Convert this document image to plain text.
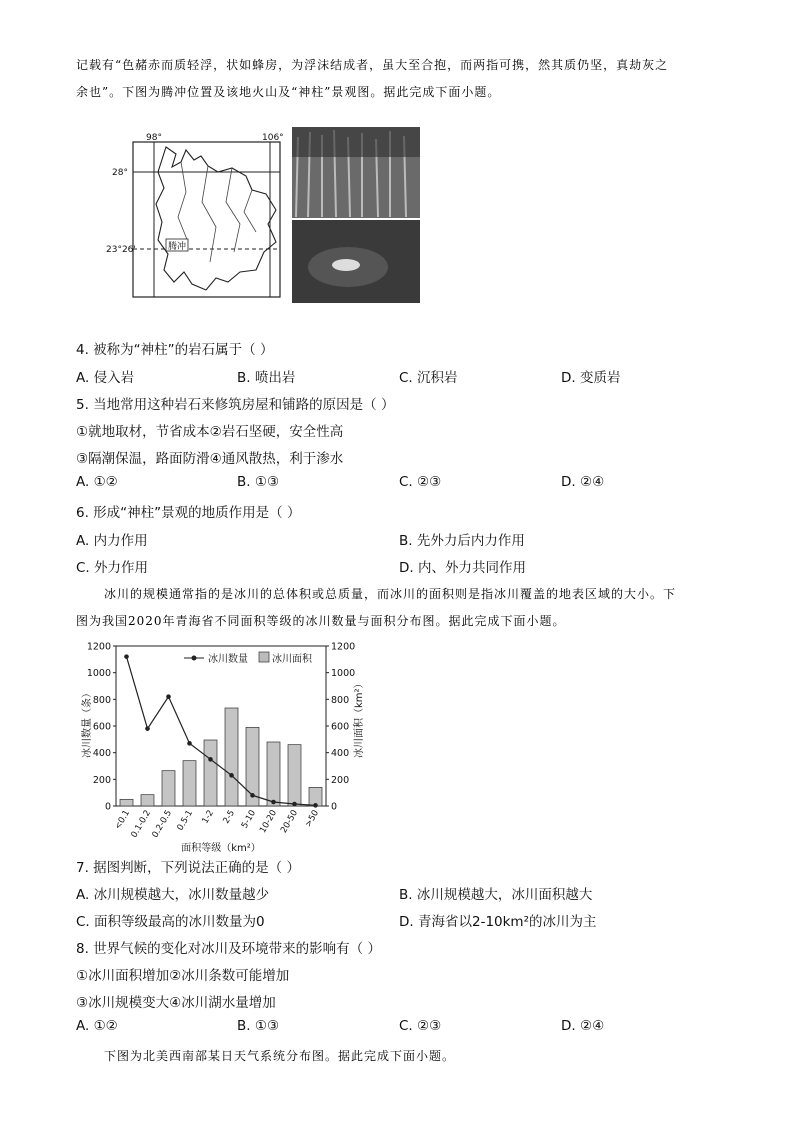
记载有“色赭赤而质轻浮，状如蜂房，为浮沫结成者，虽大至合抱，而两指可携，然其质仍坚，真劫灰之
余也”。下图为腾冲位置及该地火山及“神柱”景观图。据此完成下面小题。
腾冲
98°	106°
28°
23°26'
4. 被称为“神柱”的岩石属于（ ）
A. 侵入岩	B. 喷出岩	C. 沉积岩	D. 变质岩
5. 当地常用这种岩石来修筑房屋和铺路的原因是（ ）
①就地取材，节省成本②岩石坚硬，安全性高
③隔潮保温，路面防滑④通风散热，利于渗水
A. ①②	B. ①③	C. ②③	D. ②④
6. 形成“神柱”景观的地质作用是（ ）
A. 内力作用	B. 先外力后内力作用
C. 外力作用	D. 内、外力共同作用
冰川的规模通常指的是冰川的总体积或总质量，而冰川的面积则是指冰川覆盖的地表区域的大小。下
图为我国2020年青海省不同面积等级的冰川数量与面积分布图。据此完成下面小题。
0
200
400
600
800
1000
1200
0
200
400
600
800
1000
1200
<0.1
0.1-0.2
0.2-0.5 0.5-1 1-2 2-5 5-10 10-20 20-50 >50
冰川数量 冰川面积
冰川数量（条）	冰川面积（km²）
面积等级（km²）
7. 据图判断，下列说法正确的是（ ）
A. 冰川规模越大，冰川数量越少	B. 冰川规模越大，冰川面积越大
C. 面积等级最高的冰川数量为0	D. 青海省以2-10km²的冰川为主
8. 世界气候的变化对冰川及环境带来的影响有（ ）
①冰川面积增加②冰川条数可能增加
③冰川规模变大④冰川湖水量增加
A. ①②	B. ①③	C. ②③	D. ②④
下图为北美西南部某日天气系统分布图。据此完成下面小题。
